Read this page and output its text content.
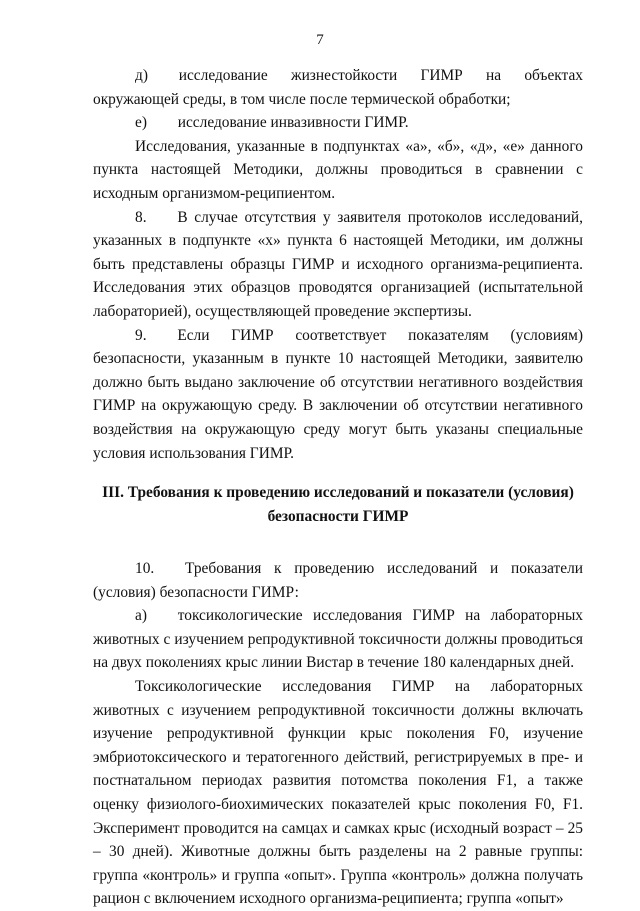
7

д)  исследование жизнестойкости ГИМР на объектах окружающей среды, в том числе после термической обработки;

е)  исследование инвазивности ГИМР.

Исследования, указанные в подпунктах «а», «б», «д», «е» данного пункта настоящей Методики, должны проводиться в сравнении с исходным организмом-реципиентом.

8.  В случае отсутствия у заявителя протоколов исследований, указанных в подпункте «х» пункта 6 настоящей Методики, им должны быть представлены образцы ГИМР и исходного организма-реципиента. Исследования этих образцов проводятся организацией (испытательной лабораторией), осуществляющей проведение экспертизы.

9.  Если ГИМР соответствует показателям (условиям) безопасности, указанным в пункте 10 настоящей Методики, заявителю должно быть выдано заключение об отсутствии негативного воздействия ГИМР на окружающую среду. В заключении об отсутствии негативного воздействия на окружающую среду могут быть указаны специальные условия использования ГИМР.

III. Требования к проведению исследований и показатели (условия)
безопасности ГИМР

10.  Требования к проведению исследований и показатели (условия) безопасности ГИМР:

а)  токсикологические исследования ГИМР на лабораторных животных с изучением репродуктивной токсичности должны проводиться на двух поколениях крыс линии Вистар в течение 180 календарных дней.

Токсикологические исследования ГИМР на лабораторных животных с изучением репродуктивной токсичности должны включать изучение репродуктивной функции крыс поколения F0, изучение эмбриотоксического и тератогенного действий, регистрируемых в пре- и постнатальном периодах развития потомства поколения F1, а также оценку физиолого-биохимических показателей крыс поколения F0, F1. Эксперимент проводится на самцах и самках крыс (исходный возраст – 25 – 30 дней). Животные должны быть разделены на 2 равные группы: группа «контроль» и группа «опыт». Группа «контроль» должна получать рацион с включением исходного организма-реципиента; группа «опыт»
